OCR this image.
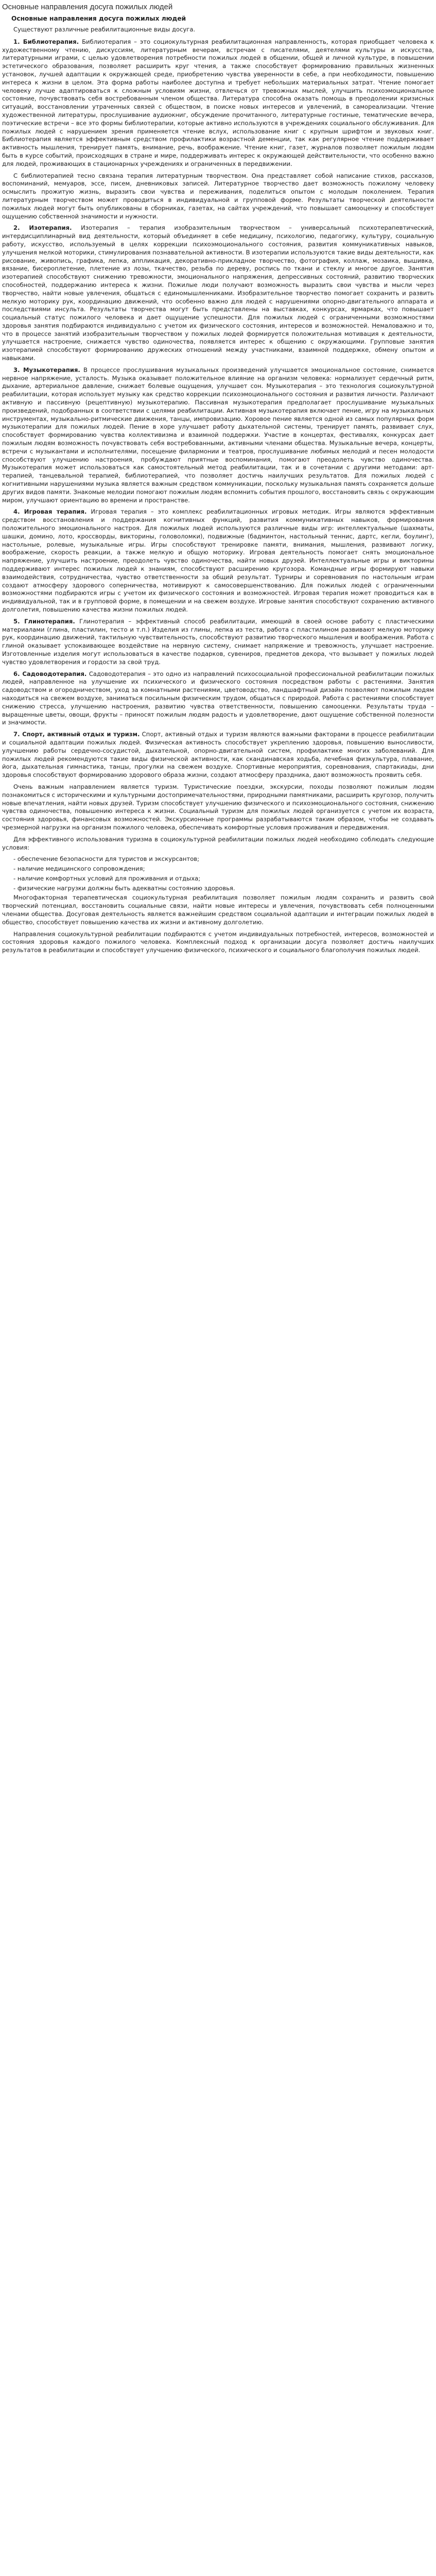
Основные направления досуга пожилых людей
Основные направления досуга пожилых людей

Существуют различные реабилитационные виды досуга.

1. Библиотерапия. Библиотерапия – это социокультурная реабилитационная направленность, которая приобщает человека к художественному чтению, дискуссиям, литературным вечерам, встречам с писателями, деятелями культуры и искусства, литературными играми, с целью удовлетворения потребности пожилых людей в общении, общей и личной культуре, в повышении эстетического образования, позволяет расширить круг чтения, а также способствует формированию правильных жизненных установок, лучшей адаптации к окружающей среде, приобретению чувства уверенности в себе, а при необходимости, повышению интереса к жизни в целом. Эта форма работы наиболее доступна и требует небольших материальных затрат. Чтение помогает человеку лучше адаптироваться к сложным условиям жизни, отвлечься от тревожных мыслей, улучшить психоэмоциональное состояние, почувствовать себя востребованным членом общества. Литература способна оказать помощь в преодолении кризисных ситуаций, восстановлении утраченных связей с обществом, в поиске новых интересов и увлечений, в самореализации. Чтение художественной литературы, прослушивание аудиокниг, обсуждение прочитанного, литературные гостиные, тематические вечера, поэтические встречи – все это формы библиотерапии, которые активно используются в учреждениях социального обслуживания. Для пожилых людей с нарушением зрения применяется чтение вслух, использование книг с крупным шрифтом и звуковых книг. Библиотерапия является эффективным средством профилактики возрастной деменции, так как регулярное чтение поддерживает активность мышления, тренирует память, внимание, речь, воображение. Чтение книг, газет, журналов позволяет пожилым людям быть в курсе событий, происходящих в стране и мире, поддерживать интерес к окружающей действительности, что особенно важно для людей, проживающих в стационарных учреждениях и ограниченных в передвижении.

С библиотерапией тесно связана терапия литературным творчеством. Она представляет собой написание стихов, рассказов, воспоминаний, мемуаров, эссе, писем, дневниковых записей. Литературное творчество дает возможность пожилому человеку осмыслить прожитую жизнь, выразить свои чувства и переживания, поделиться опытом с молодым поколением. Терапия литературным творчеством может проводиться в индивидуальной и групповой форме. Результаты творческой деятельности пожилых людей могут быть опубликованы в сборниках, газетах, на сайтах учреждений, что повышает самооценку и способствует ощущению собственной значимости и нужности.

2. Изотерапия. Изотерапия – терапия изобразительным творчеством – универсальный психотерапевтический, интердисциплинарный вид деятельности, который объединяет в себе медицину, психологию, педагогику, культуру, социальную работу, искусство, используемый в целях коррекции психоэмоционального состояния, развития коммуникативных навыков, улучшения мелкой моторики, стимулирования познавательной активности. В изотерапии используются такие виды деятельности, как рисование, живопись, графика, лепка, аппликация, декоративно-прикладное творчество, фотография, коллаж, мозаика, вышивка, вязание, бисероплетение, плетение из лозы, ткачество, резьба по дереву, роспись по ткани и стеклу и многое другое. Занятия изотерапией способствуют снижению тревожности, эмоционального напряжения, депрессивных состояний, развитию творческих способностей, поддержанию интереса к жизни. Пожилые люди получают возможность выразить свои чувства и мысли через творчество, найти новые увлечения, общаться с единомышленниками. Изобразительное творчество помогает сохранить и развить мелкую моторику рук, координацию движений, что особенно важно для людей с нарушениями опорно-двигательного аппарата и последствиями инсульта. Результаты творчества могут быть представлены на выставках, конкурсах, ярмарках, что повышает социальный статус пожилого человека и дает ощущение успешности. Для пожилых людей с ограниченными возможностями здоровья занятия подбираются индивидуально с учетом их физического состояния, интересов и возможностей. Немаловажно и то, что в процессе занятий изобразительным творчеством у пожилых людей формируется положительная мотивация к деятельности, улучшается настроение, снижается чувство одиночества, появляется интерес к общению с окружающими. Групповые занятия изотерапией способствуют формированию дружеских отношений между участниками, взаимной поддержке, обмену опытом и навыками.

3. Музыкотерапия. В процессе прослушивания музыкальных произведений улучшается эмоциональное состояние, снимается нервное напряжение, усталость. Музыка оказывает положительное влияние на организм человека: нормализует сердечный ритм, дыхание, артериальное давление, снижает болевые ощущения, улучшает сон. Музыкотерапия – это технология социокультурной реабилитации, которая использует музыку как средство коррекции психоэмоционального состояния и развития личности. Различают активную и пассивную (рецептивную) музыкотерапию. Пассивная музыкотерапия предполагает прослушивание музыкальных произведений, подобранных в соответствии с целями реабилитации. Активная музыкотерапия включает пение, игру на музыкальных инструментах, музыкально-ритмические движения, танцы, импровизацию. Хоровое пение является одной из самых популярных форм музыкотерапии для пожилых людей. Пение в хоре улучшает работу дыхательной системы, тренирует память, развивает слух, способствует формированию чувства коллективизма и взаимной поддержки. Участие в концертах, фестивалях, конкурсах дает пожилым людям возможность почувствовать себя востребованными, активными членами общества. Музыкальные вечера, концерты, встречи с музыкантами и исполнителями, посещение филармонии и театров, прослушивание любимых мелодий и песен молодости способствуют улучшению настроения, пробуждают приятные воспоминания, помогают преодолеть чувство одиночества. Музыкотерапия может использоваться как самостоятельный метод реабилитации, так и в сочетании с другими методами: арт-терапией, танцевальной терапией, библиотерапией, что позволяет достичь наилучших результатов. Для пожилых людей с когнитивными нарушениями музыка является важным средством коммуникации, поскольку музыкальная память сохраняется дольше других видов памяти. Знакомые мелодии помогают пожилым людям вспомнить события прошлого, восстановить связь с окружающим миром, улучшают ориентацию во времени и пространстве.

4. Игровая терапия. Игровая терапия – это комплекс реабилитационных игровых методик. Игры являются эффективным средством восстановления и поддержания когнитивных функций, развития коммуникативных навыков, формирования положительного эмоционального настроя. Для пожилых людей используются различные виды игр: интеллектуальные (шахматы, шашки, домино, лото, кроссворды, викторины, головоломки), подвижные (бадминтон, настольный теннис, дартс, кегли, боулинг), настольные, ролевые, музыкальные игры. Игры способствуют тренировке памяти, внимания, мышления, развивают логику, воображение, скорость реакции, а также мелкую и общую моторику. Игровая деятельность помогает снять эмоциональное напряжение, улучшить настроение, преодолеть чувство одиночества, найти новых друзей. Интеллектуальные игры и викторины поддерживают интерес пожилых людей к знаниям, способствуют расширению кругозора. Командные игры формируют навыки взаимодействия, сотрудничества, чувство ответственности за общий результат. Турниры и соревнования по настольным играм создают атмосферу здорового соперничества, мотивируют к самосовершенствованию. Для пожилых людей с ограниченными возможностями подбираются игры с учетом их физического состояния и возможностей. Игровая терапия может проводиться как в индивидуальной, так и в групповой форме, в помещении и на свежем воздухе. Игровые занятия способствуют сохранению активного долголетия, повышению качества жизни пожилых людей.

5. Глинотерапия. Глинотерапия – эффективный способ реабилитации, имеющий в своей основе работу с пластическими материалами (глина, пластилин, тесто и т.п.) Изделия из глины, лепка из теста, работа с пластилином развивают мелкую моторику рук, координацию движений, тактильную чувствительность, способствуют развитию творческого мышления и воображения. Работа с глиной оказывает успокаивающее воздействие на нервную систему, снимает напряжение и тревожность, улучшает настроение. Изготовленные изделия могут использоваться в качестве подарков, сувениров, предметов декора, что вызывает у пожилых людей чувство удовлетворения и гордости за свой труд.

6. Садоводотерапия. Садоводотерапия – это одно из направлений психосоциальной профессиональной реабилитации пожилых людей, направленное на улучшение их психического и физического состояния посредством работы с растениями. Занятия садоводством и огородничеством, уход за комнатными растениями, цветоводство, ландшафтный дизайн позволяют пожилым людям находиться на свежем воздухе, заниматься посильным физическим трудом, общаться с природой. Работа с растениями способствует снижению стресса, улучшению настроения, развитию чувства ответственности, повышению самооценки. Результаты труда – выращенные цветы, овощи, фрукты – приносят пожилым людям радость и удовлетворение, дают ощущение собственной полезности и значимости.

7. Спорт, активный отдых и туризм. Спорт, активный отдых и туризм являются важными факторами в процессе реабилитации и социальной адаптации пожилых людей. Физическая активность способствует укреплению здоровья, повышению выносливости, улучшению работы сердечно-сосудистой, дыхательной, опорно-двигательной систем, профилактике многих заболеваний. Для пожилых людей рекомендуются такие виды физической активности, как скандинавская ходьба, лечебная физкультура, плавание, йога, дыхательная гимнастика, танцы, прогулки на свежем воздухе. Спортивные мероприятия, соревнования, спартакиады, дни здоровья способствуют формированию здорового образа жизни, создают атмосферу праздника, дают возможность проявить себя.

Очень важным направлением является туризм. Туристические поездки, экскурсии, походы позволяют пожилым людям познакомиться с историческими и культурными достопримечательностями, природными памятниками, расширить кругозор, получить новые впечатления, найти новых друзей. Туризм способствует улучшению физического и психоэмоционального состояния, снижению чувства одиночества, повышению интереса к жизни. Социальный туризм для пожилых людей организуется с учетом их возраста, состояния здоровья, финансовых возможностей. Экскурсионные программы разрабатываются таким образом, чтобы не создавать чрезмерной нагрузки на организм пожилого человека, обеспечивать комфортные условия проживания и передвижения.

Для эффективного использования туризма в социокультурной реабилитации пожилых людей необходимо соблюдать следующие условия:

- обеспечение безопасности для туристов и экскурсантов;

- наличие медицинского сопровождения;

- наличие комфортных условий для проживания и отдыха;

- физические нагрузки должны быть адекватны состоянию здоровья.

Многофакторная терапевтическая социокультурная реабилитация позволяет пожилым людям сохранить и развить свой творческий потенциал, восстановить социальные связи, найти новые интересы и увлечения, почувствовать себя полноценными членами общества. Досуговая деятельность является важнейшим средством социальной адаптации и интеграции пожилых людей в общество, способствует повышению качества их жизни и активному долголетию.

Направления социокультурной реабилитации подбираются с учетом индивидуальных потребностей, интересов, возможностей и состояния здоровья каждого пожилого человека. Комплексный подход к организации досуга позволяет достичь наилучших результатов в реабилитации и способствует улучшению физического, психического и социального благополучия пожилых людей.
